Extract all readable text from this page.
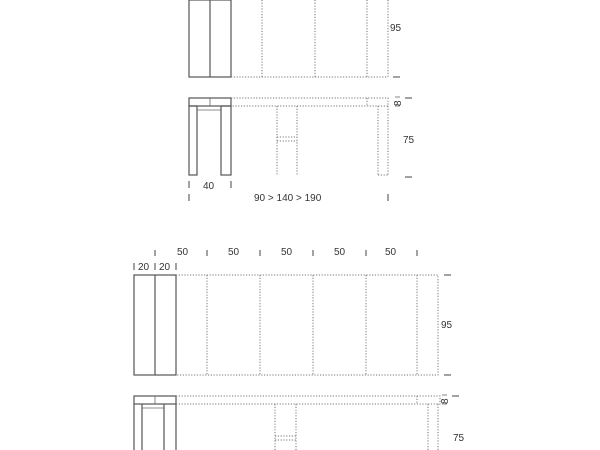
95
8
75
40
90 > 140 > 190
50	50	50	50	50
20 20
95
8
75
